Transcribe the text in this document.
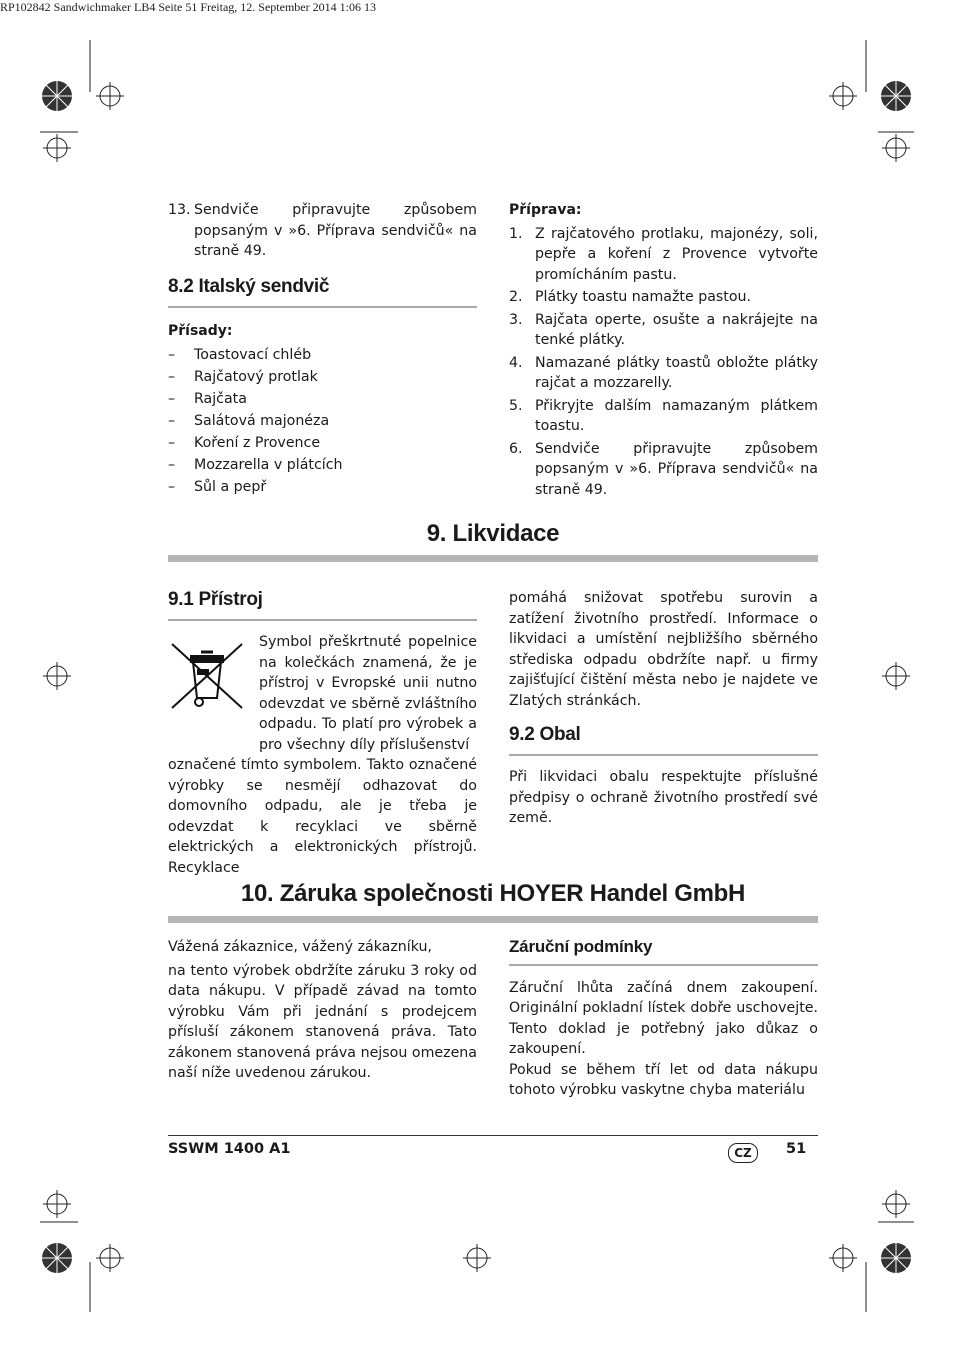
RP102842 Sandwichmaker LB4 Seite 51 Freitag, 12. September 2014 1:06 13
13. Sendviče připravujte způsobem popsaným v »6. Příprava sendvičů« na straně 49.
8.2 Italský sendvič
Přísady:
– Toastovací chléb
– Rajčatový protlak
– Rajčata
– Salátová majonéza
– Koření z Provence
– Mozzarella v plátcích
– Sůl a pepř
Příprava:
1. Z rajčatového protlaku, majonézy, soli, pepře a koření z Provence vytvořte promícháním pastu.
2. Plátky toastu namažte pastou.
3. Rajčata operte, osušte a nakrájejte na tenké plátky.
4. Namazané plátky toastů obložte plátky rajčat a mozzarelly.
5. Přikryjte dalším namazaným plátkem toastu.
6. Sendviče připravujte způsobem popsaným v »6. Příprava sendvičů« na straně 49.
9. Likvidace
9.1 Přístroj
Symbol přeškrtnuté popelnice na kolečkách znamená, že je přístroj v Evropské unii nutno odevzdat ve sběrně zvláštního odpadu. To platí pro výrobek a pro všechny díly příslušenství
označené tímto symbolem. Takto označené výrobky se nesmějí odhazovat do domovního odpadu, ale je třeba je odevzdat k recyklaci ve sběrně elektrických a elektronických přístrojů. Recyklace
pomáhá snižovat spotřebu surovin a zatížení životního prostředí. Informace o likvidaci a umístění nejbližšího sběrného střediska odpadu obdržíte např. u firmy zajišťující čištění města nebo je najdete ve Zlatých stránkách.
9.2 Obal
Při likvidaci obalu respektujte příslušné předpisy o ochraně životního prostředí své země.
10. Záruka společnosti HOYER Handel GmbH
Vážená zákaznice, vážený zákazníku,
na tento výrobek obdržíte záruku 3 roky od data nákupu. V případě závad na tomto výrobku Vám při jednání s prodejcem přísluší zákonem stanovená práva. Tato zákonem stanovená práva nejsou omezena naší níže uvedenou zárukou.
Záruční podmínky
Záruční lhůta začíná dnem zakoupení. Originální pokladní lístek dobře uschovejte. Tento doklad je potřebný jako důkaz o zakoupení.
Pokud se během tří let od data nákupu tohoto výrobku vaskytne chyba materiálu
SSWM 1400 A1	CZ	51
